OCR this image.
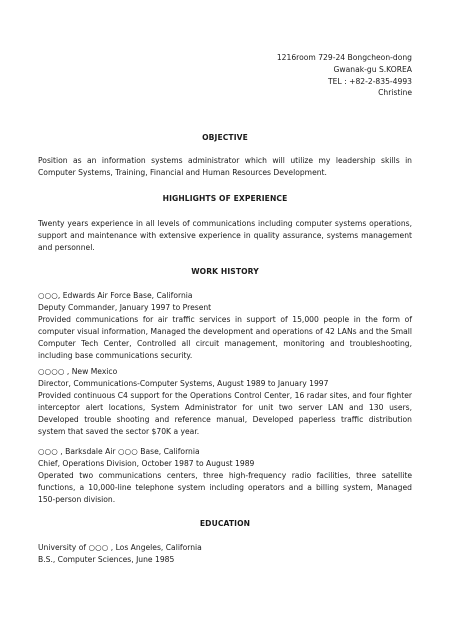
1216room 729-24 Bongcheon-dong
Gwanak-gu S.KOREA
TEL : +82-2-835-4993
Christine
OBJECTIVE
Position as an information systems administrator which will utilize my leadership skills in Computer Systems, Training, Financial and Human Resources Development.
HIGHLIGHTS OF EXPERIENCE
Twenty years experience in all levels of communications including computer systems operations, support and maintenance with extensive experience in quality assurance, systems management and personnel.
WORK HISTORY
○○○, Edwards Air Force Base, California
Deputy Commander, January 1997 to Present
Provided communications for air traffic services in support of 15,000 people in the form of computer visual information, Managed the development and operations of 42 LANs and the Small Computer Tech Center, Controlled all circuit management, monitoring and troubleshooting, including base communications security.
○○○○ , New Mexico
Director, Communications-Computer Systems, August 1989 to January 1997
Provided continuous C4 support for the Operations Control Center, 16 radar sites, and four fighter interceptor alert locations, System Administrator for unit two server LAN and 130 users, Developed trouble shooting and reference manual, Developed paperless traffic distribution system that saved the sector $70K a year.
○○○ , Barksdale Air ○○○ Base, California
Chief, Operations Division, October 1987 to August 1989
Operated two communications centers, three high-frequency radio facilities, three satellite functions, a 10,000-line telephone system including operators and a billing system, Managed 150-person division.
EDUCATION
University of ○○○ , Los Angeles, California
B.S., Computer Sciences, June 1985
